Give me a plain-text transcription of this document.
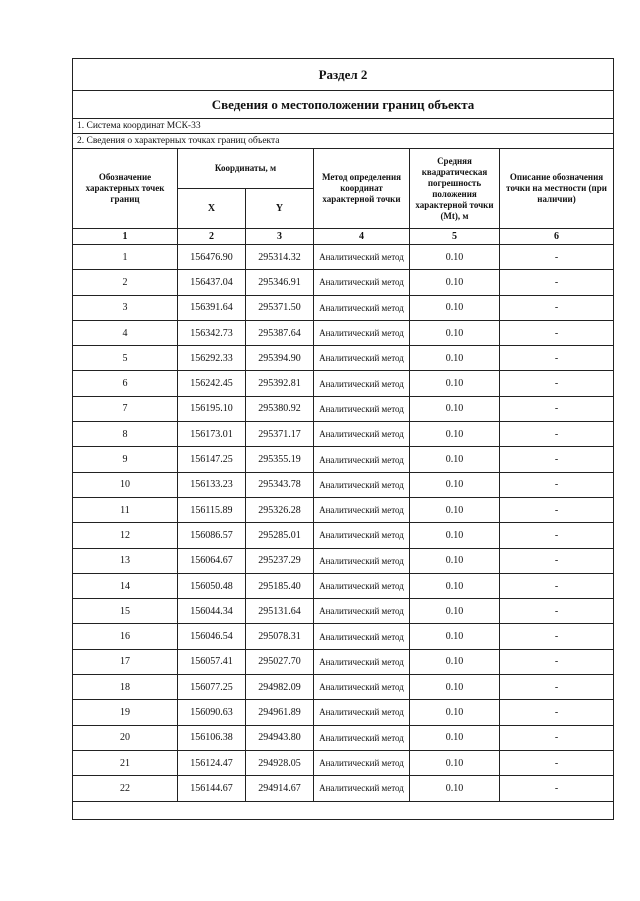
Раздел 2					
Сведения о местоположении границ объекта					
1. Система координат МСК-33					
2. Сведения о характерных точках границ объекта					
Обозначение характерных точек границ	Координаты, м		Метод определения координат характерной точки	Средняя квадратическая погрешность положения характерной точки (Mt), м	Описание обозначения точки на местности (при наличии)
	X	Y			
1	2	3	4	5	6
1	156476.90	295314.32	Аналитический метод	0.10	-
2	156437.04	295346.91	Аналитический метод	0.10	-
3	156391.64	295371.50	Аналитический метод	0.10	-
4	156342.73	295387.64	Аналитический метод	0.10	-
5	156292.33	295394.90	Аналитический метод	0.10	-
6	156242.45	295392.81	Аналитический метод	0.10	-
7	156195.10	295380.92	Аналитический метод	0.10	-
8	156173.01	295371.17	Аналитический метод	0.10	-
9	156147.25	295355.19	Аналитический метод	0.10	-
10	156133.23	295343.78	Аналитический метод	0.10	-
11	156115.89	295326.28	Аналитический метод	0.10	-
12	156086.57	295285.01	Аналитический метод	0.10	-
13	156064.67	295237.29	Аналитический метод	0.10	-
14	156050.48	295185.40	Аналитический метод	0.10	-
15	156044.34	295131.64	Аналитический метод	0.10	-
16	156046.54	295078.31	Аналитический метод	0.10	-
17	156057.41	295027.70	Аналитический метод	0.10	-
18	156077.25	294982.09	Аналитический метод	0.10	-
19	156090.63	294961.89	Аналитический метод	0.10	-
20	156106.38	294943.80	Аналитический метод	0.10	-
21	156124.47	294928.05	Аналитический метод	0.10	-
22	156144.67	294914.67	Аналитический метод	0.10	-
